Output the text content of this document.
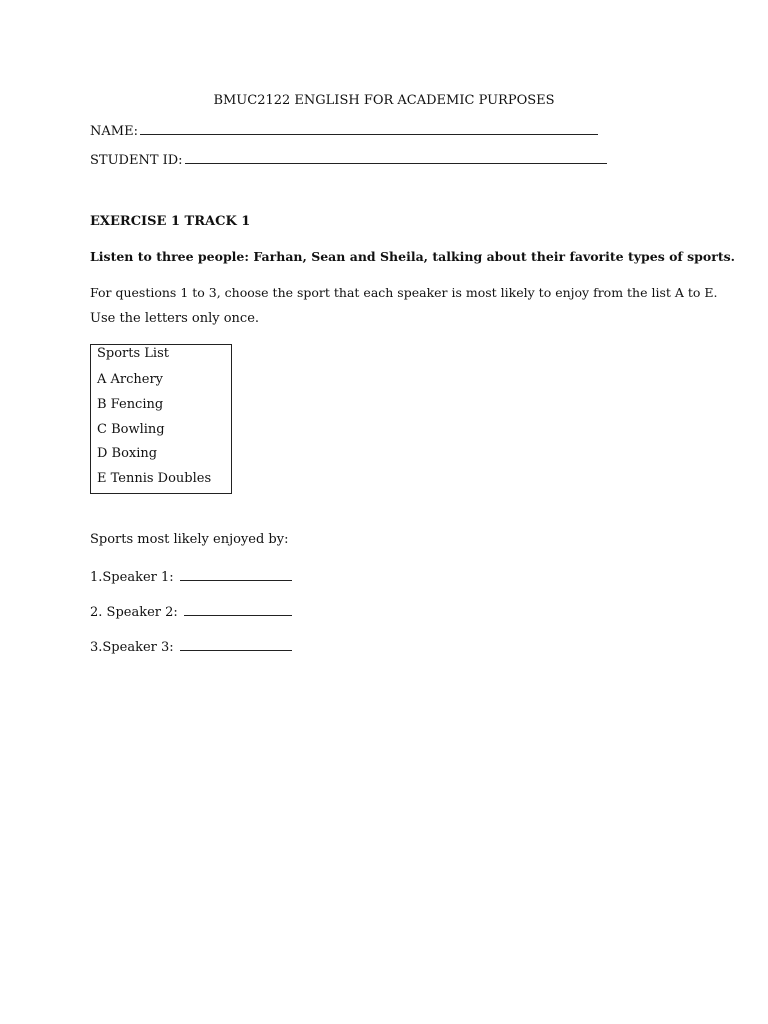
BMUC2122 ENGLISH FOR ACADEMIC PURPOSES
NAME:
STUDENT ID:
EXERCISE 1 TRACK 1
Listen to three people: Farhan, Sean and Sheila, talking about their favorite types of sports.
For questions 1 to 3, choose the sport that each speaker is most likely to enjoy from the list A to E.
Use the letters only once.
Sports List
A Archery
B Fencing
C Bowling
D Boxing
E Tennis Doubles
Sports most likely enjoyed by:
1.Speaker 1:
2. Speaker 2:
3.Speaker 3:
